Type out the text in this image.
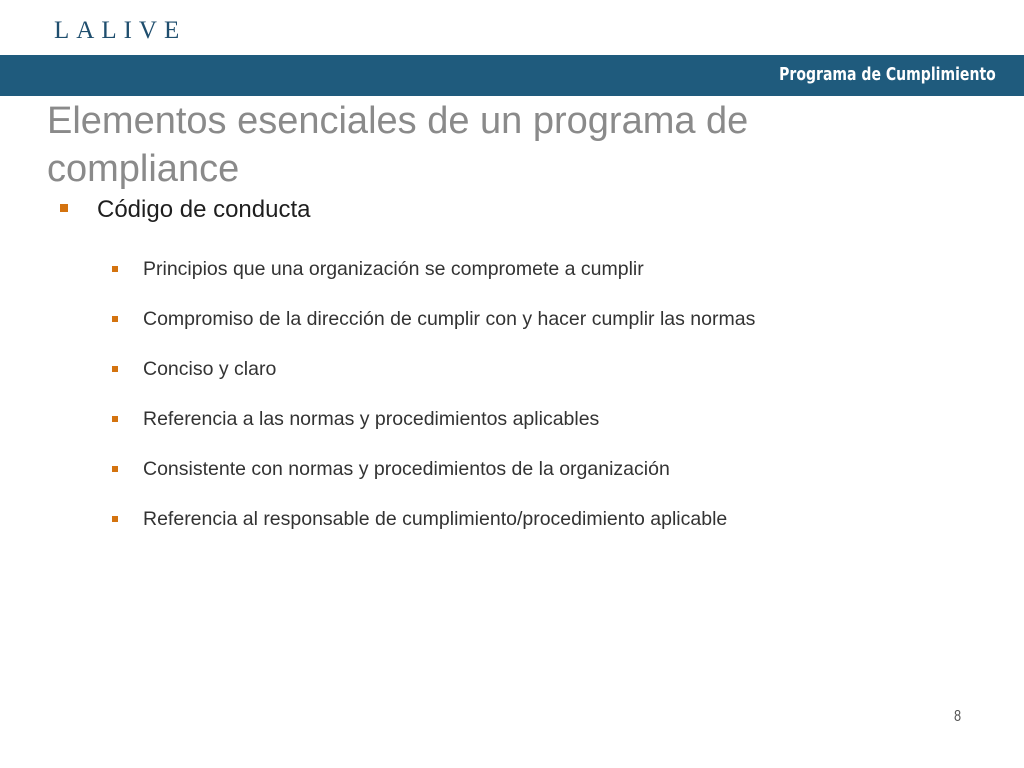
LALIVE
Programa de Cumplimiento
Elementos esenciales de un programa de compliance
Código de conducta
Principios que una organización se compromete a cumplir
Compromiso de la dirección de cumplir con y hacer cumplir las normas
Conciso y claro
Referencia a las normas y procedimientos aplicables
Consistente con normas y procedimientos de la organización
Referencia al responsable de cumplimiento/procedimiento aplicable
8
